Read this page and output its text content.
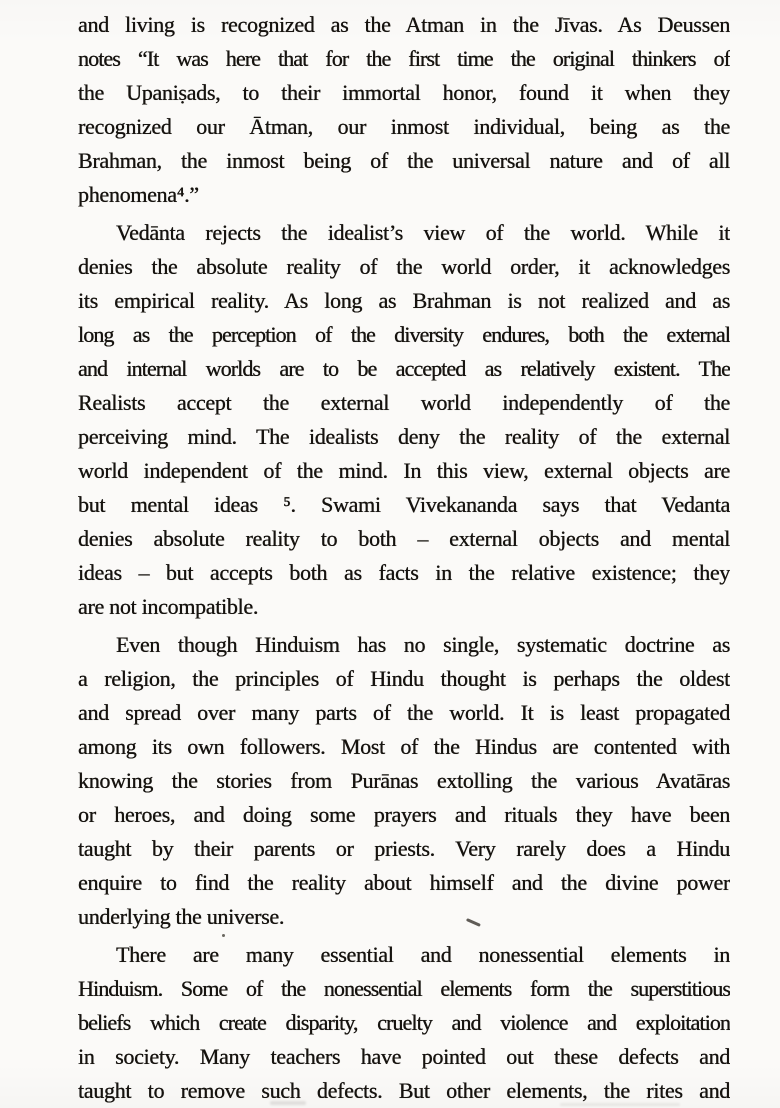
and living is recognized as the Atman in the Jīvas. As Deussen
notes “It was here that for the first time the original thinkers of
the Upaniṣads, to their immortal honor, found it when they
recognized our Ātman, our inmost individual, being as the
Brahman, the inmost being of the universal nature and of all
phenomena⁴.”

Vedānta rejects the idealist’s view of the world. While it
denies the absolute reality of the world order, it acknowledges
its empirical reality. As long as Brahman is not realized and as
long as the perception of the diversity endures, both the external
and internal worlds are to be accepted as relatively existent. The
Realists accept the external world independently of the
perceiving mind. The idealists deny the reality of the external
world independent of the mind. In this view, external objects are
but mental ideas ⁵. Swami Vivekananda says that Vedanta
denies absolute reality to both – external objects and mental
ideas – but accepts both as facts in the relative existence; they
are not incompatible.

Even though Hinduism has no single, systematic doctrine as
a religion, the principles of Hindu thought is perhaps the oldest
and spread over many parts of the world. It is least propagated
among its own followers. Most of the Hindus are contented with
knowing the stories from Purānas extolling the various Avatāras
or heroes, and doing some prayers and rituals they have been
taught by their parents or priests. Very rarely does a Hindu
enquire to find the reality about himself and the divine power
underlying the universe.

There are many essential and nonessential elements in
Hinduism. Some of the nonessential elements form the superstitious
beliefs which create disparity, cruelty and violence and exploitation
in society. Many teachers have pointed out these defects and
taught to remove such defects. But other elements, the rites and
